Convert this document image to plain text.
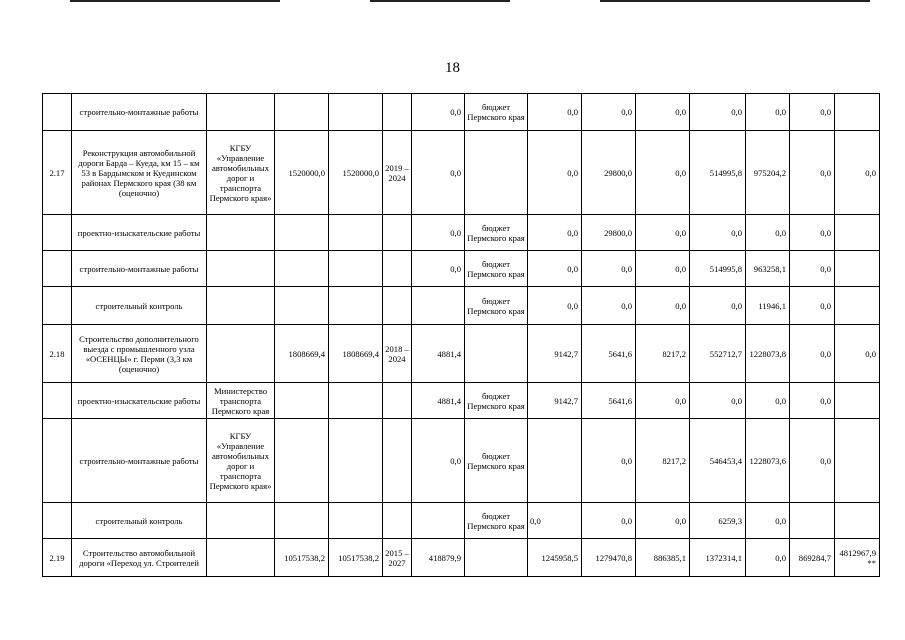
18
	строительно-монтажные работы					0,0	бюджет Пермского края	0,0	0,0	0,0	0,0	0,0	0,0	
2.17	Реконструкция автомобильной дороги Барда – Куеда, км 15 – км 53 в Бардымском и Куединском районах Пермского края (38 км (оценочно)	КГБУ «Управление автомобильных дорог и транспорта Пермского края»	1520000,0	1520000,0	2019 – 2024	0,0		0,0	29800,0	0,0	514995,8	975204,2	0,0	0,0
	проектно-изыскательские работы					0,0	бюджет Пермского края	0,0	29800,0	0,0	0,0	0,0	0,0	
	строительно-монтажные работы					0,0	бюджет Пермского края	0,0	0,0	0,0	514995,8	963258,1	0,0	
	строительный контроль						бюджет Пермского края	0,0	0,0	0,0	0,0	11946,1	0,0	
2.18	Строительство дополнительного выезда с промышленного узла «ОСЕНЦЫ» г. Перми (3,3 км (оценочно)		1808669,4	1808669,4	2018 – 2024	4881,4		9142,7	5641,6	8217,2	552712,7	1228073,8	0,0	0,0
	проектно-изыскательские работы	Министерство транспорта Пермского края				4881,4	бюджет Пермского края	9142,7	5641,6	0,0	0,0	0,0	0,0	
	строительно-монтажные работы	КГБУ «Управление автомобильных дорог и транспорта Пермского края»				0,0	бюджет Пермского края		0,0	8217,2	546453,4	1228073,6	0,0	
	строительный контроль						бюджет Пермского края	0,0	0,0	0,0	6259,3	0,0		
2.19	Строительство автомобильной дороги «Переход ул. Строителей		10517538,2	10517538,2	2015 – 2027	418879,9		1245958,5	1279470,8	886385,1	1372314,1	0,0	869284,7	4812967,9**
